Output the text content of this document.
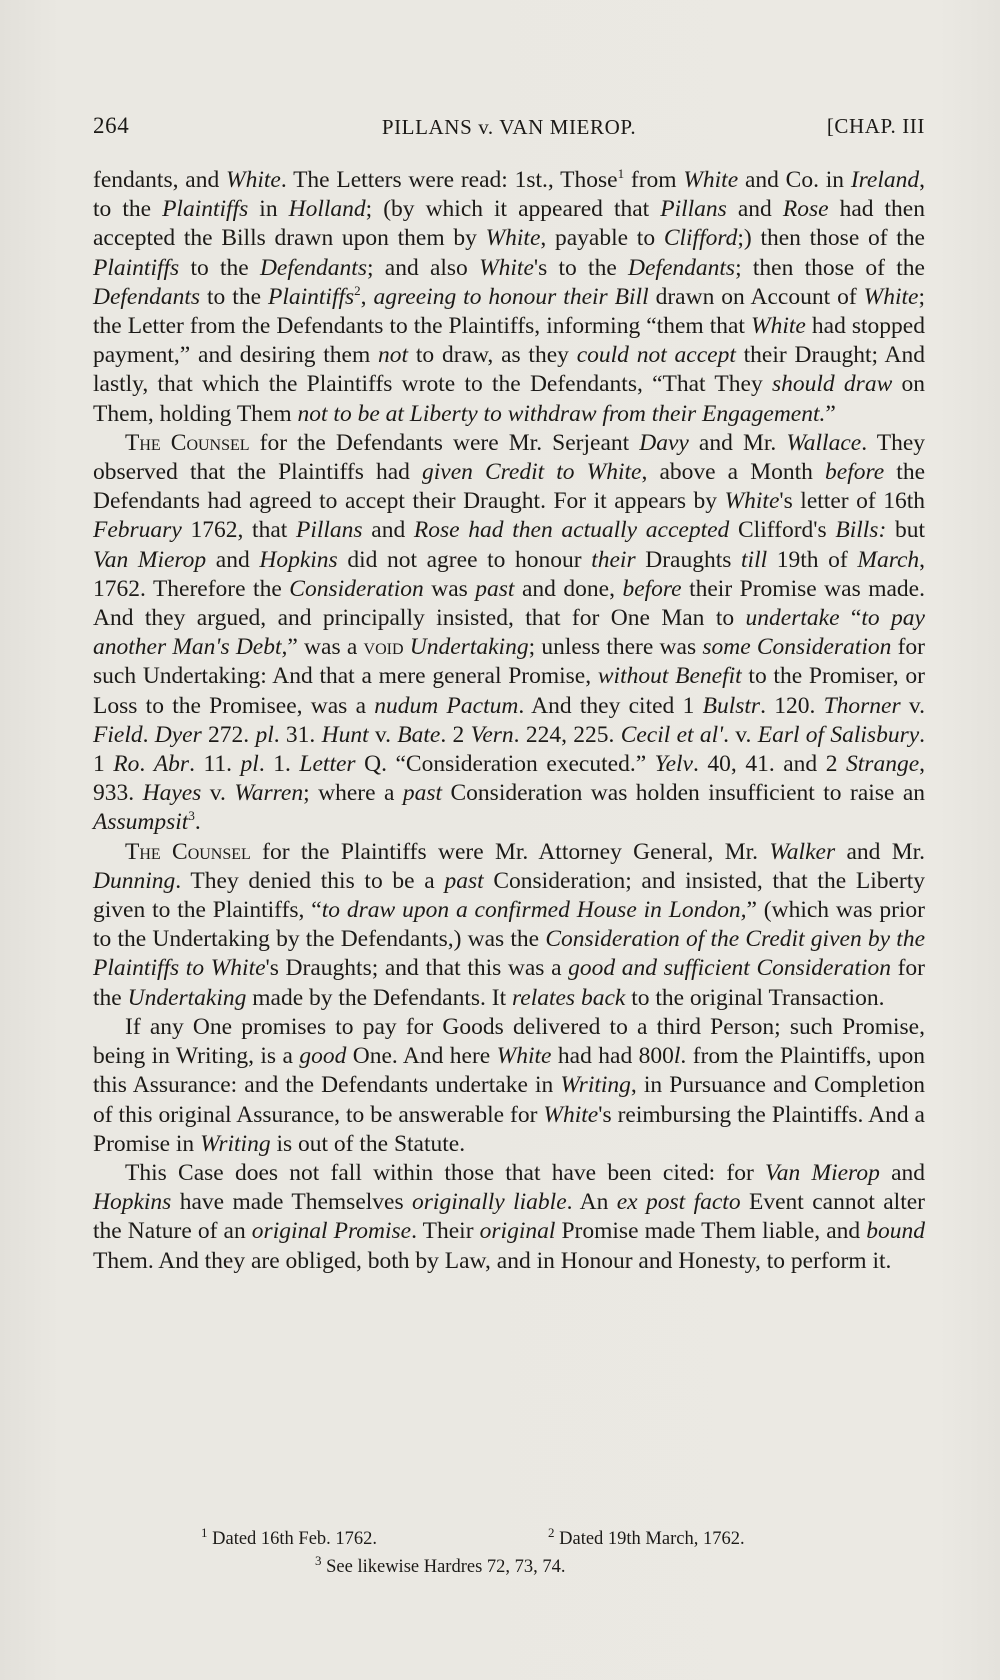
264	PILLANS v. VAN MIEROP.	[CHAP. III

fendants, and White. The Letters were read: 1st., Those$^1$ from White and Co. in Ireland, to the Plaintiffs in Holland; (by which it appeared that Pillans and Rose had then accepted the Bills drawn upon them by White, payable to Clifford;) then those of the Plaintiffs to the Defendants; and also White's to the Defendants; then those of the Defendants to the Plaintiffs$^2$, agreeing to honour their Bill drawn on Account of White; the Letter from the Defendants to the Plaintiffs, informing “them that White had stopped payment,” and desiring them not to draw, as they could not accept their Draught; And lastly, that which the Plaintiffs wrote to the Defendants, “That They should draw on Them, holding Them not to be at Liberty to withdraw from their Engagement.”

The Counsel for the Defendants were Mr. Serjeant Davy and Mr. Wallace. They observed that the Plaintiffs had given Credit to White, above a Month before the Defendants had agreed to accept their Draught. For it appears by White's letter of 16th February 1762, that Pillans and Rose had then actually accepted Clifford's Bills: but Van Mierop and Hopkins did not agree to honour their Draughts till 19th of March, 1762. Therefore the Consideration was past and done, before their Promise was made. And they argued, and principally insisted, that for One Man to undertake “to pay another Man's Debt,” was a void Undertaking; unless there was some Consideration for such Undertaking: And that a mere general Promise, without Benefit to the Promiser, or Loss to the Promisee, was a nudum Pactum. And they cited 1 Bulstr. 120. Thorner v. Field. Dyer 272. pl. 31. Hunt v. Bate. 2 Vern. 224, 225. Cecil et al'. v. Earl of Salisbury. 1 Ro. Abr. 11. pl. 1. Letter Q. “Consideration executed.” Yelv. 40, 41. and 2 Strange, 933. Hayes v. Warren; where a past Consideration was holden insufficient to raise an Assumpsit$^3$.

The Counsel for the Plaintiffs were Mr. Attorney General, Mr. Walker and Mr. Dunning. They denied this to be a past Consideration; and insisted, that the Liberty given to the Plaintiffs, “to draw upon a confirmed House in London,” (which was prior to the Undertaking by the Defendants,) was the Consideration of the Credit given by the Plaintiffs to White's Draughts; and that this was a good and sufficient Consideration for the Undertaking made by the Defendants. It relates back to the original Transaction.

If any One promises to pay for Goods delivered to a third Person; such Promise, being in Writing, is a good One. And here White had had 800l. from the Plaintiffs, upon this Assurance: and the Defendants undertake in Writing, in Pursuance and Completion of this original Assurance, to be answerable for White's reimbursing the Plaintiffs. And a Promise in Writing is out of the Statute.

This Case does not fall within those that have been cited: for Van Mierop and Hopkins have made Themselves originally liable. An ex post facto Event cannot alter the Nature of an original Promise. Their original Promise made Them liable, and bound Them. And they are obliged, both by Law, and in Honour and Honesty, to perform it.

$^1$ Dated 16th Feb. 1762.	$^2$ Dated 19th March, 1762.
$^3$ See likewise Hardres 72, 73, 74.
